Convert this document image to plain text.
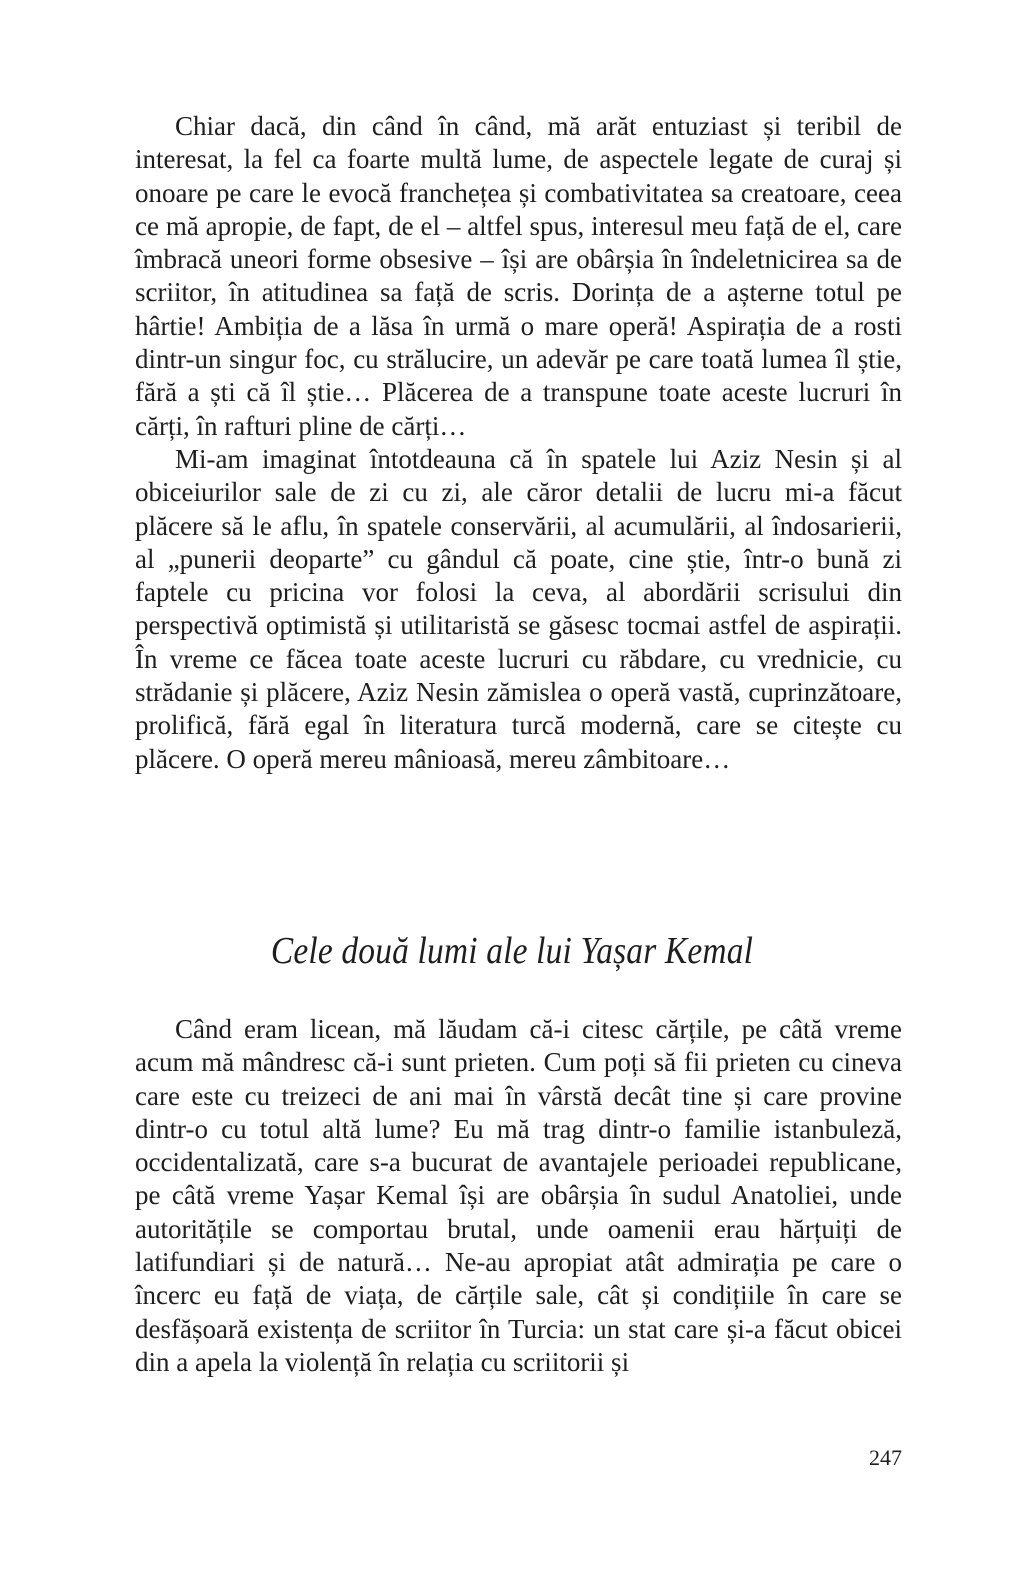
Chiar dacă, din când în când, mă arăt entuziast și teribil de interesat, la fel ca foarte multă lume, de aspectele legate de curaj și onoare pe care le evocă franchețea și combativitatea sa creatoare, ceea ce mă apropie, de fapt, de el – altfel spus, interesul meu față de el, care îmbracă uneori forme obsesive – își are obârșia în îndeletnicirea sa de scriitor, în atitudinea sa față de scris. Dorința de a așterne totul pe hârtie! Ambiția de a lăsa în urmă o mare operă! Aspirația de a rosti dintr-un singur foc, cu strălucire, un adevăr pe care toată lumea îl știe, fără a ști că îl știe… Plăcerea de a transpune toate aceste lucruri în cărți, în rafturi pline de cărți…

Mi-am imaginat întotdeauna că în spatele lui Aziz Nesin și al obiceiurilor sale de zi cu zi, ale căror detalii de lucru mi-a făcut plăcere să le aflu, în spatele conservării, al acumulării, al îndosarierii, al „punerii deoparte” cu gândul că poate, cine știe, într-o bună zi faptele cu pricina vor folosi la ceva, al abordării scrisului din perspectivă optimistă și utilitaristă se găsesc tocmai astfel de aspirații. În vreme ce făcea toate aceste lucruri cu răbdare, cu vrednicie, cu strădanie și plăcere, Aziz Nesin zămislea o operă vastă, cuprinzătoare, prolifică, fără egal în literatura turcă modernă, care se citește cu plăcere. O operă mereu mânioasă, mereu zâmbitoare…

Cele două lumi ale lui Yașar Kemal

Când eram licean, mă lăudam că-i citesc cărțile, pe câtă vreme acum mă mândresc că-i sunt prieten. Cum poți să fii prieten cu cineva care este cu treizeci de ani mai în vârstă decât tine și care provine dintr-o cu totul altă lume? Eu mă trag dintr-o familie istanbuleză, occidentalizată, care s-a bucurat de avantajele perioadei republicane, pe câtă vreme Yașar Kemal își are obârșia în sudul Anatoliei, unde autoritățile se comportau brutal, unde oamenii erau hărțuiți de latifundiari și de natură… Ne-au apropiat atât admirația pe care o încerc eu față de viața, de cărțile sale, cât și condițiile în care se desfășoară existența de scriitor în Turcia: un stat care și-a făcut obicei din a apela la violență în relația cu scriitorii și

247
